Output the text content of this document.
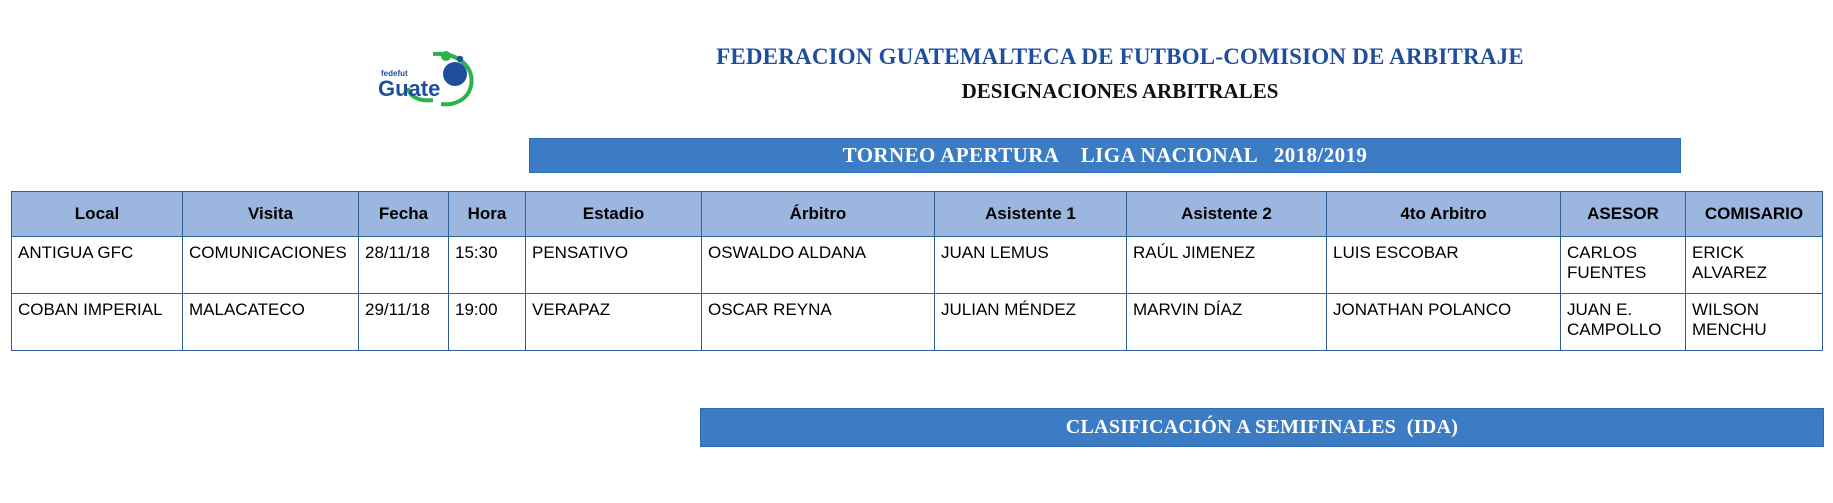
fedefut
Guate
FEDERACION GUATEMALTECA DE FUTBOL-COMISION DE ARBITRAJE
DESIGNACIONES ARBITRALES
TORNEO APERTURA    LIGA NACIONAL   2018/2019
Local	Visita	Fecha	Hora	Estadio	Árbitro	Asistente 1	Asistente 2	4to Arbitro	ASESOR	COMISARIO
ANTIGUA GFC	COMUNICACIONES	28/11/18	15:30	PENSATIVO	OSWALDO ALDANA	JUAN LEMUS	RAÚL JIMENEZ	LUIS ESCOBAR	CARLOS FUENTES	ERICK ALVAREZ
COBAN IMPERIAL	MALACATECO	29/11/18	19:00	VERAPAZ	OSCAR REYNA	JULIAN MÉNDEZ	MARVIN DÍAZ	JONATHAN POLANCO	JUAN E. CAMPOLLO	WILSON MENCHU
CLASIFICACIÓN A SEMIFINALES  (IDA)
